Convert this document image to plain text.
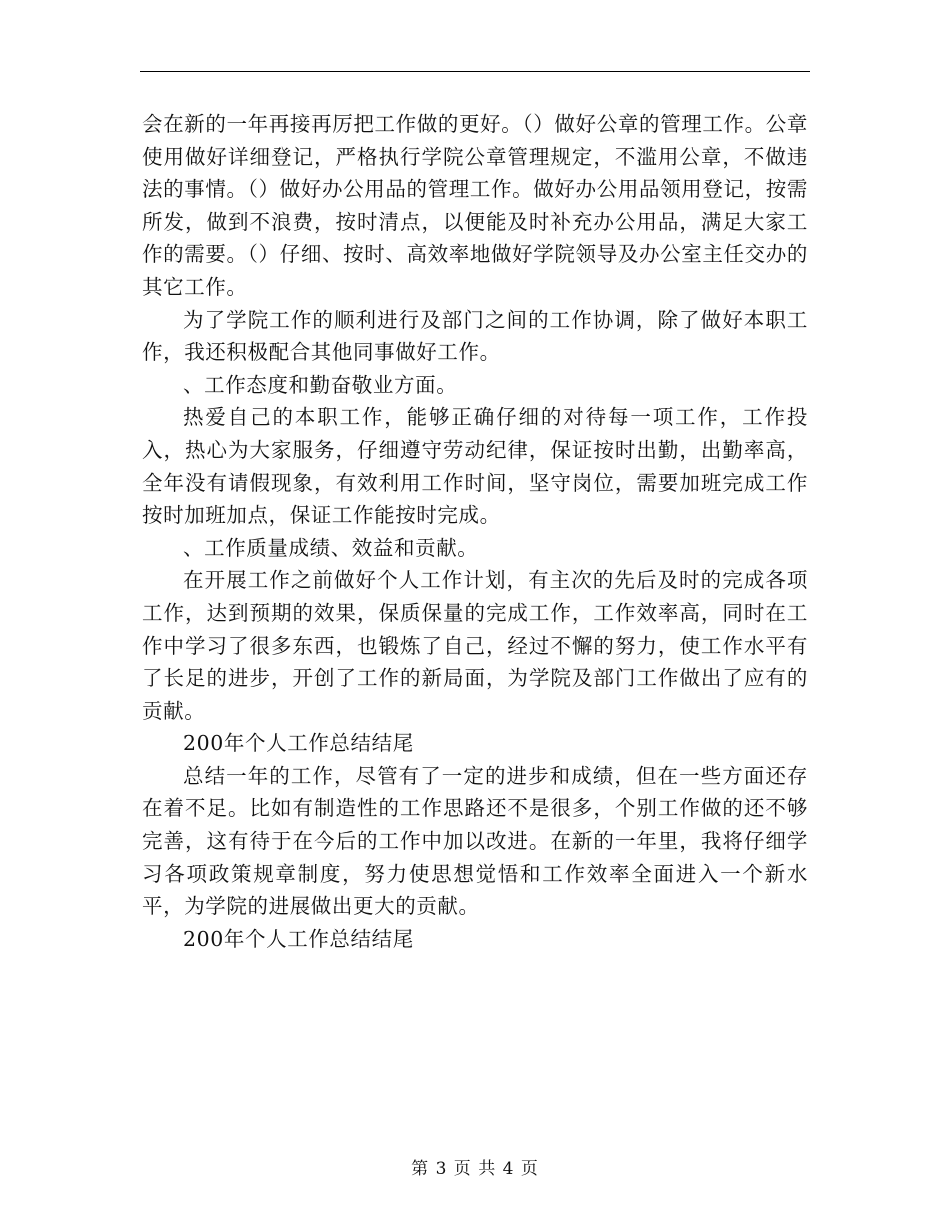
会在新的一年再接再厉把工作做的更好。（）做好公章的管理工作。公章使用做好详细登记，严格执行学院公章管理规定，不滥用公章，不做违法的事情。（）做好办公用品的管理工作。做好办公用品领用登记，按需所发，做到不浪费，按时清点，以便能及时补充办公用品，满足大家工作的需要。（）仔细、按时、高效率地做好学院领导及办公室主任交办的其它工作。

为了学院工作的顺利进行及部门之间的工作协调，除了做好本职工作，我还积极配合其他同事做好工作。

、工作态度和勤奋敬业方面。

热爱自己的本职工作，能够正确仔细的对待每一项工作，工作投入，热心为大家服务，仔细遵守劳动纪律，保证按时出勤，出勤率高，全年没有请假现象，有效利用工作时间，坚守岗位，需要加班完成工作按时加班加点，保证工作能按时完成。

、工作质量成绩、效益和贡献。

在开展工作之前做好个人工作计划，有主次的先后及时的完成各项工作，达到预期的效果，保质保量的完成工作，工作效率高，同时在工作中学习了很多东西，也锻炼了自己，经过不懈的努力，使工作水平有了长足的进步，开创了工作的新局面，为学院及部门工作做出了应有的贡献。

200年个人工作总结结尾

总结一年的工作，尽管有了一定的进步和成绩，但在一些方面还存在着不足。比如有制造性的工作思路还不是很多，个别工作做的还不够完善，这有待于在今后的工作中加以改进。在新的一年里，我将仔细学习各项政策规章制度，努力使思想觉悟和工作效率全面进入一个新水平，为学院的进展做出更大的贡献。

200年个人工作总结结尾

第 3 页 共 4 页
